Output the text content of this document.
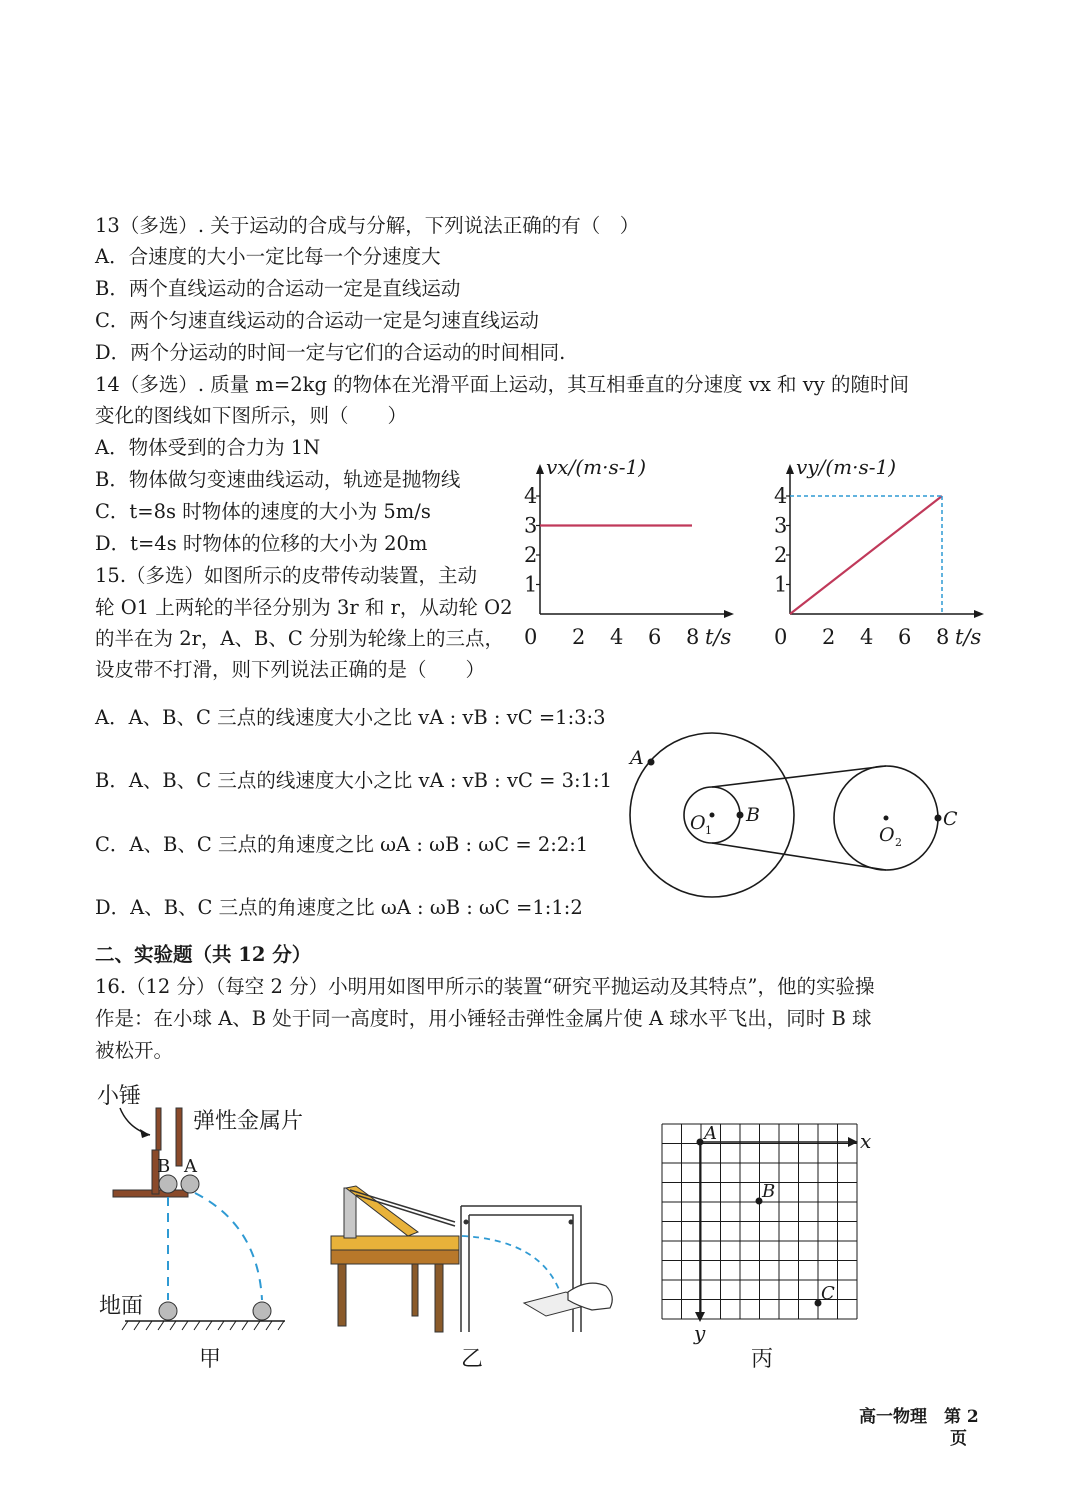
13（多选）. 关于运动的合成与分解，下列说法正确的有（　）
A．合速度的大小一定比每一个分速度大
B．两个直线运动的合运动一定是直线运动
C．两个匀速直线运动的合运动一定是匀速直线运动
D．两个分运动的时间一定与它们的合运动的时间相同.
14（多选）. 质量 m=2kg 的物体在光滑平面上运动，其互相垂直的分速度 vx 和 vy 的随时间
变化的图线如下图所示，则（　　）
A．物体受到的合力为 1N
B．物体做匀变速曲线运动，轨迹是抛物线
C．t=8s 时物体的速度的大小为 5m/s
D．t=4s 时物体的位移的大小为 20m
15.（多选）如图所示的皮带传动装置，主动
轮 O1 上两轮的半径分别为 3r 和 r，从动轮 O2
的半在为 2r，A、B、C 分别为轮缘上的三点，
设皮带不打滑，则下列说法正确的是（　　）
A．A、B、C 三点的线速度大小之比 vA : vB : vC =1:3:3
B．A、B、C 三点的线速度大小之比 vA : vB : vC = 3:1:1
C．A、B、C 三点的角速度之比 ωA : ωB : ωC = 2:2:1
D．A、B、C 三点的角速度之比 ωA : ωB : ωC =1:1:2
二、实验题（共 12 分）
16.（12 分）（每空 2 分）小明用如图甲所示的装置“研究平抛运动及其特点”，他的实验操
作是：在小球 A、B 处于同一高度时，用小锤轻击弹性金属片使 A 球水平飞出，同时 B 球
被松开。
1
2
3
4
2 4 6 8
0
vx/(m·s-1)
t/s
1
2
3
4
2 4 6 8
0
vy/(m·s-1)
t/s
A
B	C
O 1	O 2
小锤
弹性金属片
B A
地面
甲	乙
x
y
A
B
C
丙
高一物理　第 2
页
